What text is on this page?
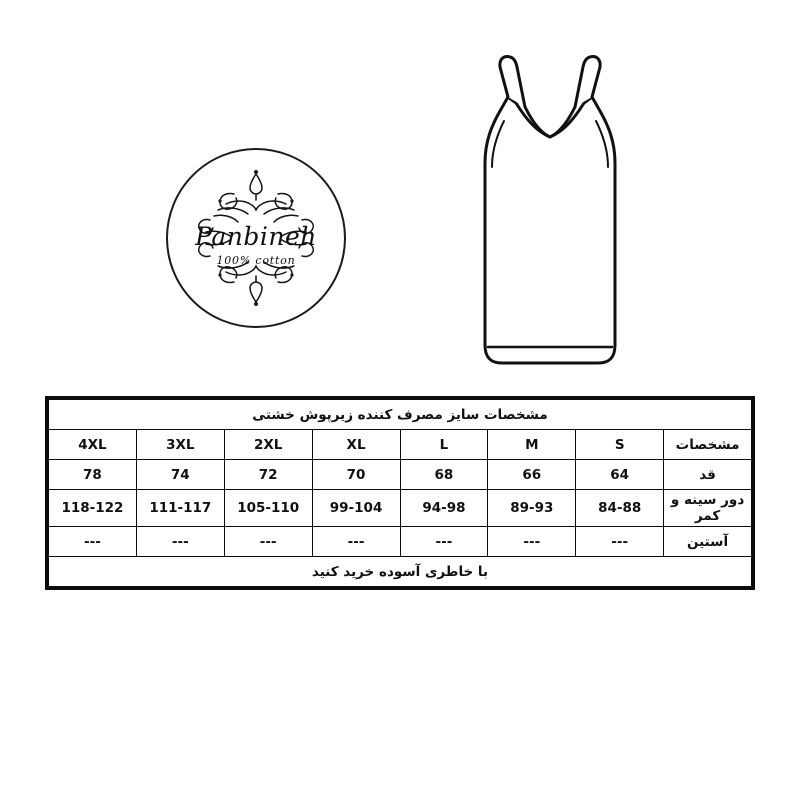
Panbineh
100% cotton
مشخصات سایز مصرف کننده زیرپوش خشتی							
4XL	3XL	2XL	XL	L	M	S	مشخصات
78	74	72	70	68	66	64	قد
118-122	111-117	105-110	99-104	94-98	89-93	84-88	دور سینه و کمر
---	---	---	---	---	---	---	آستین
با خاطری آسوده خرید کنید							
